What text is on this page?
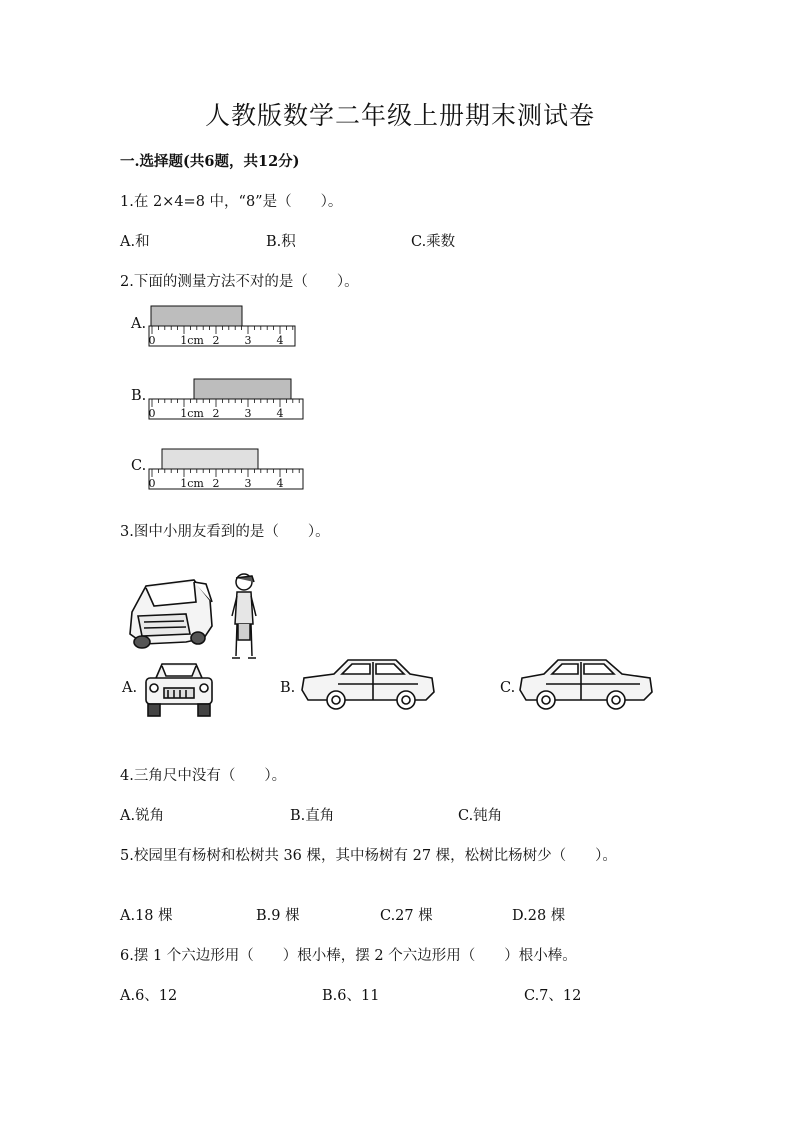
人教版数学二年级上册期末测试卷
一.选择题(共6题，共12分)
1.在 2×4=8 中，“8”是（　　）。
A.和	B.积	C.乘数
2.下面的测量方法不对的是（　　）。
A.
0 1cm 2 3 4
B.
0 1cm 2 3 4
C.
0 1cm 2 3 4
3.图中小朋友看到的是（　　）。
A.	B.	C.
4.三角尺中没有（　　）。
A.锐角	B.直角	C.钝角
5.校园里有杨树和松树共 36 棵，其中杨树有 27 棵，松树比杨树少（　　）。
A.18 棵	B.9 棵	C.27 棵	D.28 棵
6.摆 1 个六边形用（　　）根小棒，摆 2 个六边形用（　　）根小棒。
A.6、12	B.6、11	C.7、12
